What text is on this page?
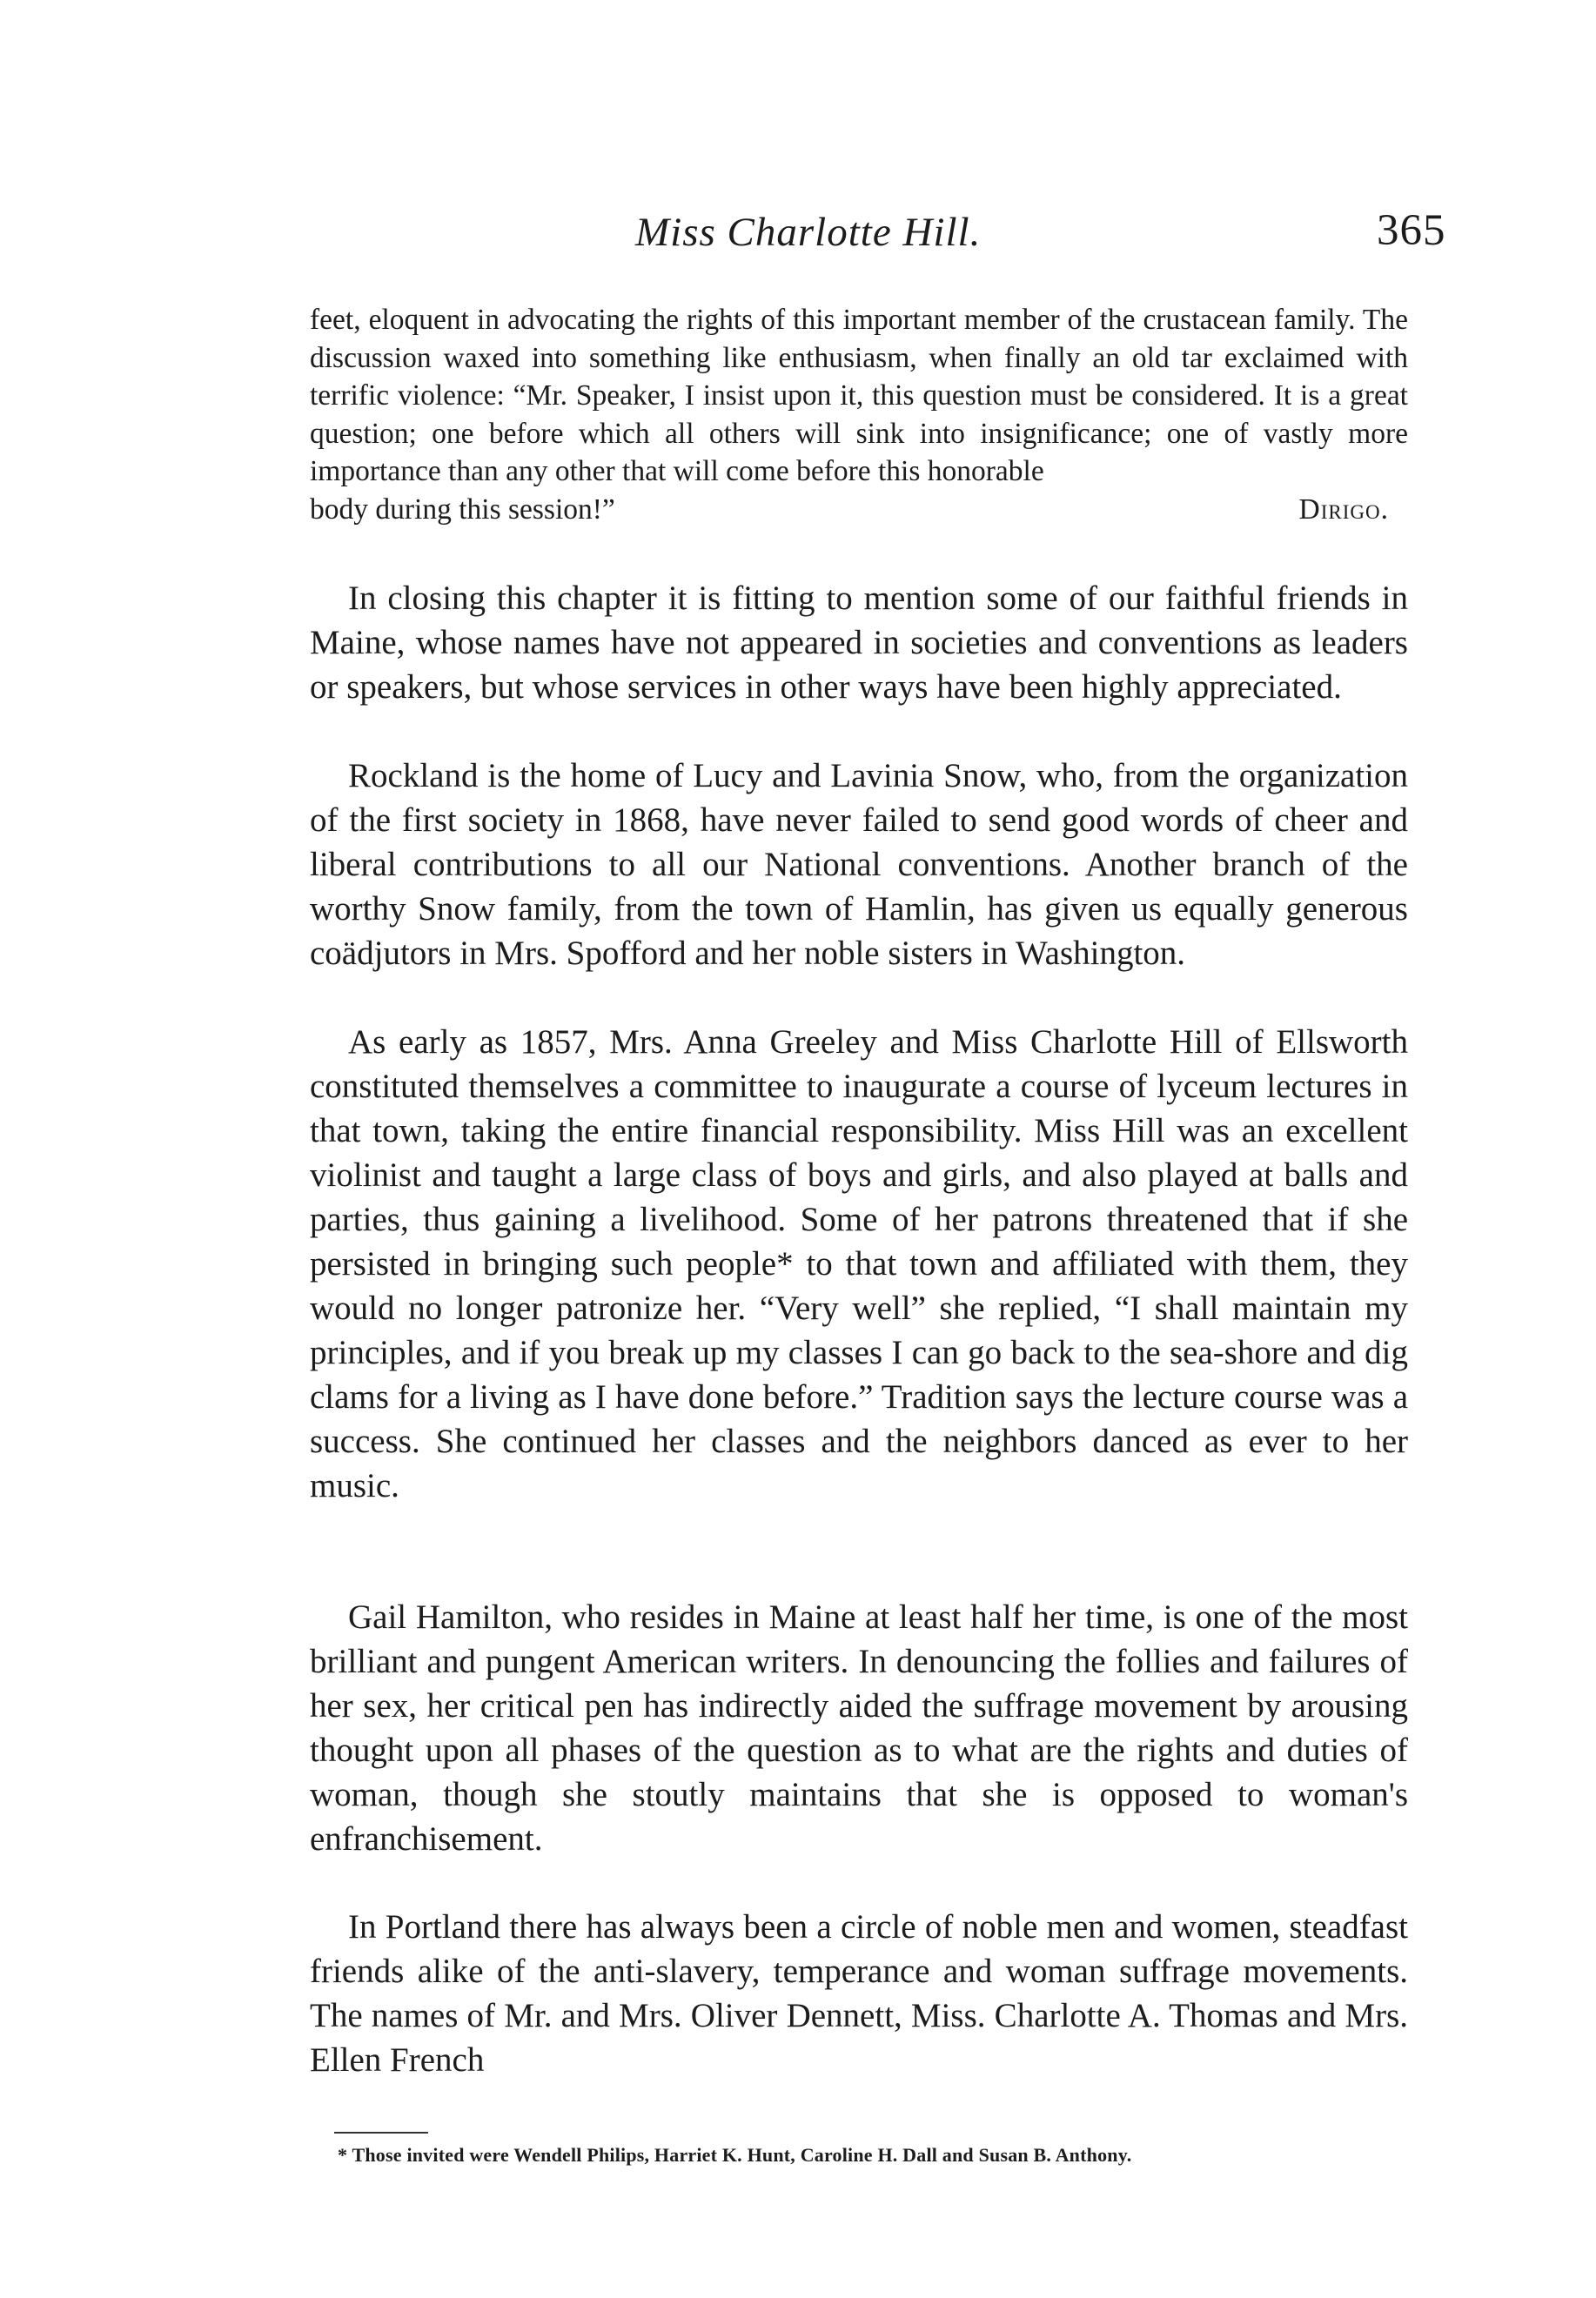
Miss Charlotte Hill.	365
feet, eloquent in advocating the rights of this important member of the crustacean family. The discussion waxed into something like enthusiasm, when finally an old tar exclaimed with terrific violence: “Mr. Speaker, I insist upon it, this question must be considered. It is a great question; one before which all others will sink into insignificance; one of vastly more importance than any other that will come before this honorable
body during this session!”	Dirigo.
In closing this chapter it is fitting to mention some of our faithful friends in Maine, whose names have not appeared in societies and conventions as leaders or speakers, but whose services in other ways have been highly appreciated.
Rockland is the home of Lucy and Lavinia Snow, who, from the organization of the first society in 1868, have never failed to send good words of cheer and liberal contributions to all our National conventions. Another branch of the worthy Snow family, from the town of Hamlin, has given us equally generous coädjutors in Mrs. Spofford and her noble sisters in Washington.
As early as 1857, Mrs. Anna Greeley and Miss Charlotte Hill of Ellsworth constituted themselves a committee to inaugurate a course of lyceum lectures in that town, taking the entire financial responsibility. Miss Hill was an excellent violinist and taught a large class of boys and girls, and also played at balls and parties, thus gaining a livelihood. Some of her patrons threatened that if she persisted in bringing such people* to that town and affiliated with them, they would no longer patronize her. “Very well” she replied, “I shall maintain my principles, and if you break up my classes I can go back to the sea-shore and dig clams for a living as I have done before.” Tradition says the lecture course was a success. She continued her classes and the neighbors danced as ever to her music.
Gail Hamilton, who resides in Maine at least half her time, is one of the most brilliant and pungent American writers. In denouncing the follies and failures of her sex, her critical pen has indirectly aided the suffrage movement by arousing thought upon all phases of the question as to what are the rights and duties of woman, though she stoutly maintains that she is opposed to woman's enfranchisement.
In Portland there has always been a circle of noble men and women, steadfast friends alike of the anti-slavery, temperance and woman suffrage movements. The names of Mr. and Mrs. Oliver Dennett, Miss. Charlotte A. Thomas and Mrs. Ellen French
* Those invited were Wendell Philips, Harriet K. Hunt, Caroline H. Dall and Susan B. Anthony.
